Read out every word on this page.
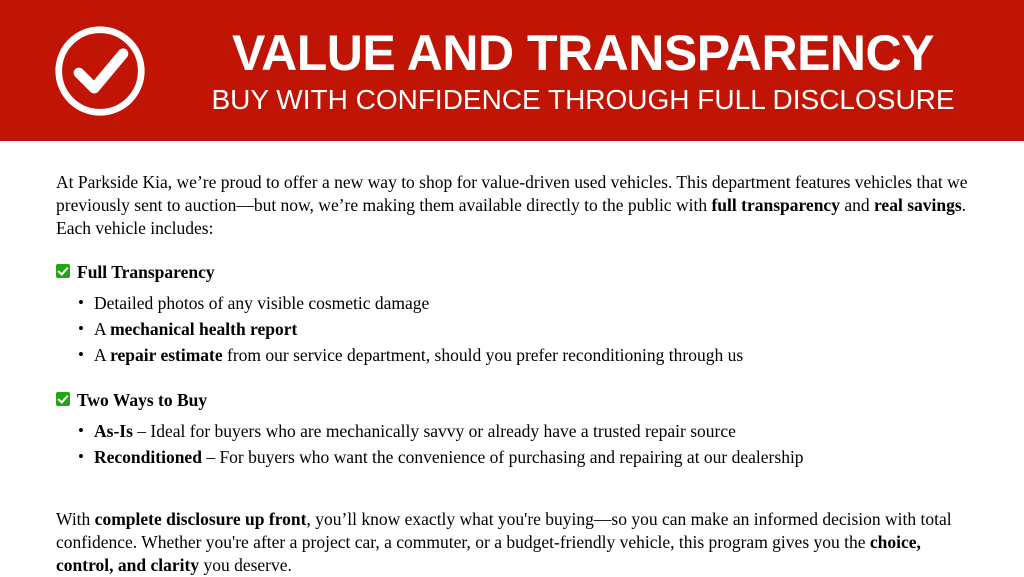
VALUE AND TRANSPARENCY
BUY WITH CONFIDENCE THROUGH FULL DISCLOSURE

At Parkside Kia, we’re proud to offer a new way to shop for value-driven used vehicles. This department features vehicles that we previously sent to auction—but now, we’re making them available directly to the public with full transparency and real savings. Each vehicle includes:

Full Transparency
• Detailed photos of any visible cosmetic damage
• A mechanical health report
• A repair estimate from our service department, should you prefer reconditioning through us
Two Ways to Buy
• As-Is – Ideal for buyers who are mechanically savvy or already have a trusted repair source
• Reconditioned – For buyers who want the convenience of purchasing and repairing at our dealership

With complete disclosure up front, you’ll know exactly what you're buying—so you can make an informed decision with total confidence. Whether you're after a project car, a commuter, or a budget-friendly vehicle, this program gives you the choice, control, and clarity you deserve.
